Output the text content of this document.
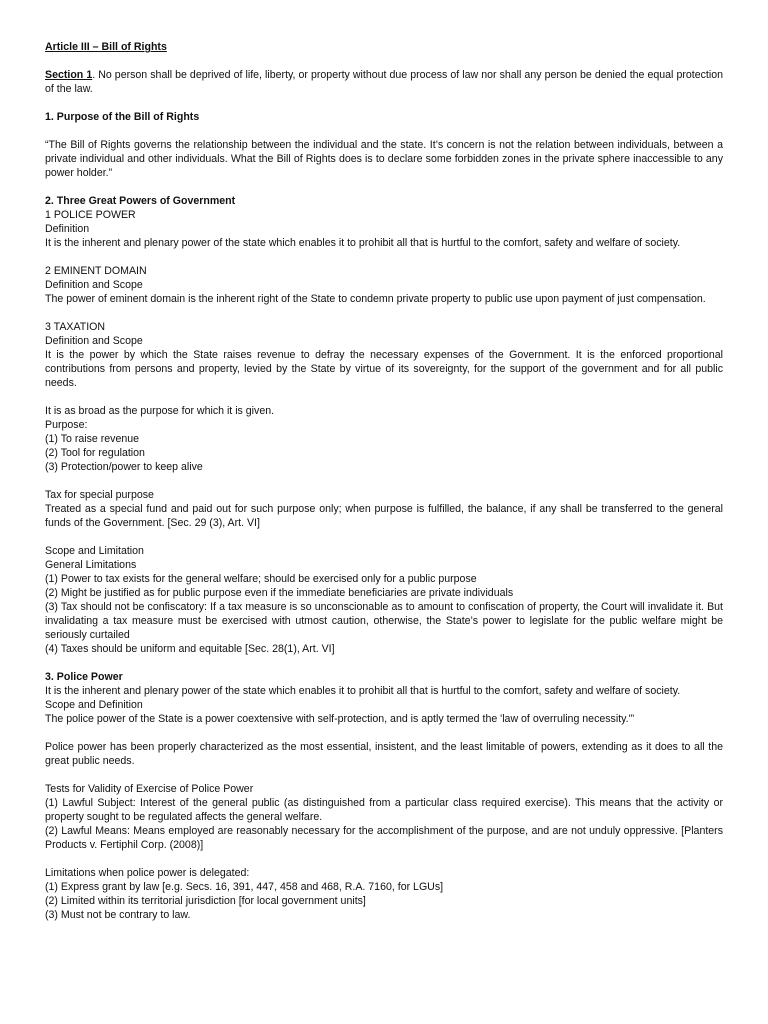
Article III – Bill of Rights

Section 1. No person shall be deprived of life, liberty, or property without due process of law nor shall any person be denied the equal protection of the law.

1. Purpose of the Bill of Rights

“The Bill of Rights governs the relationship between the individual and the state. It’s concern is not the relation between individuals, between a private individual and other individuals. What the Bill of Rights does is to declare some forbidden zones in the private sphere inaccessible to any power holder.”

2. Three Great Powers of Government

1 POLICE POWER

Definition

It is the inherent and plenary power of the state which enables it to prohibit all that is hurtful to the comfort, safety and welfare of society.

2 EMINENT DOMAIN

Definition and Scope

The power of eminent domain is the inherent right of the State to condemn private property to public use upon payment of just compensation.

3 TAXATION

Definition and Scope

It is the power by which the State raises revenue to defray the necessary expenses of the Government. It is the enforced proportional contributions from persons and property, levied by the State by virtue of its sovereignty, for the support of the government and for all public needs.

It is as broad as the purpose for which it is given.

Purpose:

(1) To raise revenue

(2) Tool for regulation

(3) Protection/power to keep alive

Tax for special purpose

Treated as a special fund and paid out for such purpose only; when purpose is fulfilled, the balance, if any shall be transferred to the general funds of the Government. [Sec. 29 (3), Art. VI]

Scope and Limitation

General Limitations

(1) Power to tax exists for the general welfare; should be exercised only for a public purpose

(2) Might be justified as for public purpose even if the immediate beneficiaries are private individuals

(3) Tax should not be confiscatory: If a tax measure is so unconscionable as to amount to confiscation of property, the Court will invalidate it. But invalidating a tax measure must be exercised with utmost caution, otherwise, the State’s power to legislate for the public welfare might be seriously curtailed

(4) Taxes should be uniform and equitable [Sec. 28(1), Art. VI]

3. Police Power

It is the inherent and plenary power of the state which enables it to prohibit all that is hurtful to the comfort, safety and welfare of society.

Scope and Definition

The police power of the State is a power coextensive with self-protection, and is aptly termed the 'law of overruling necessity.'”

Police power has been properly characterized as the most essential, insistent, and the least limitable of powers, extending as it does to all the great public needs.

Tests for Validity of Exercise of Police Power

(1) Lawful Subject: Interest of the general public (as distinguished from a particular class required exercise). This means that the activity or property sought to be regulated affects the general welfare.

(2) Lawful Means: Means employed are reasonably necessary for the accomplishment of the purpose, and are not unduly oppressive. [Planters Products v. Fertiphil Corp. (2008)]

Limitations when police power is delegated:

(1) Express grant by law [e.g. Secs. 16, 391, 447, 458 and 468, R.A. 7160, for LGUs]

(2) Limited within its territorial jurisdiction [for local government units]

(3) Must not be contrary to law.
